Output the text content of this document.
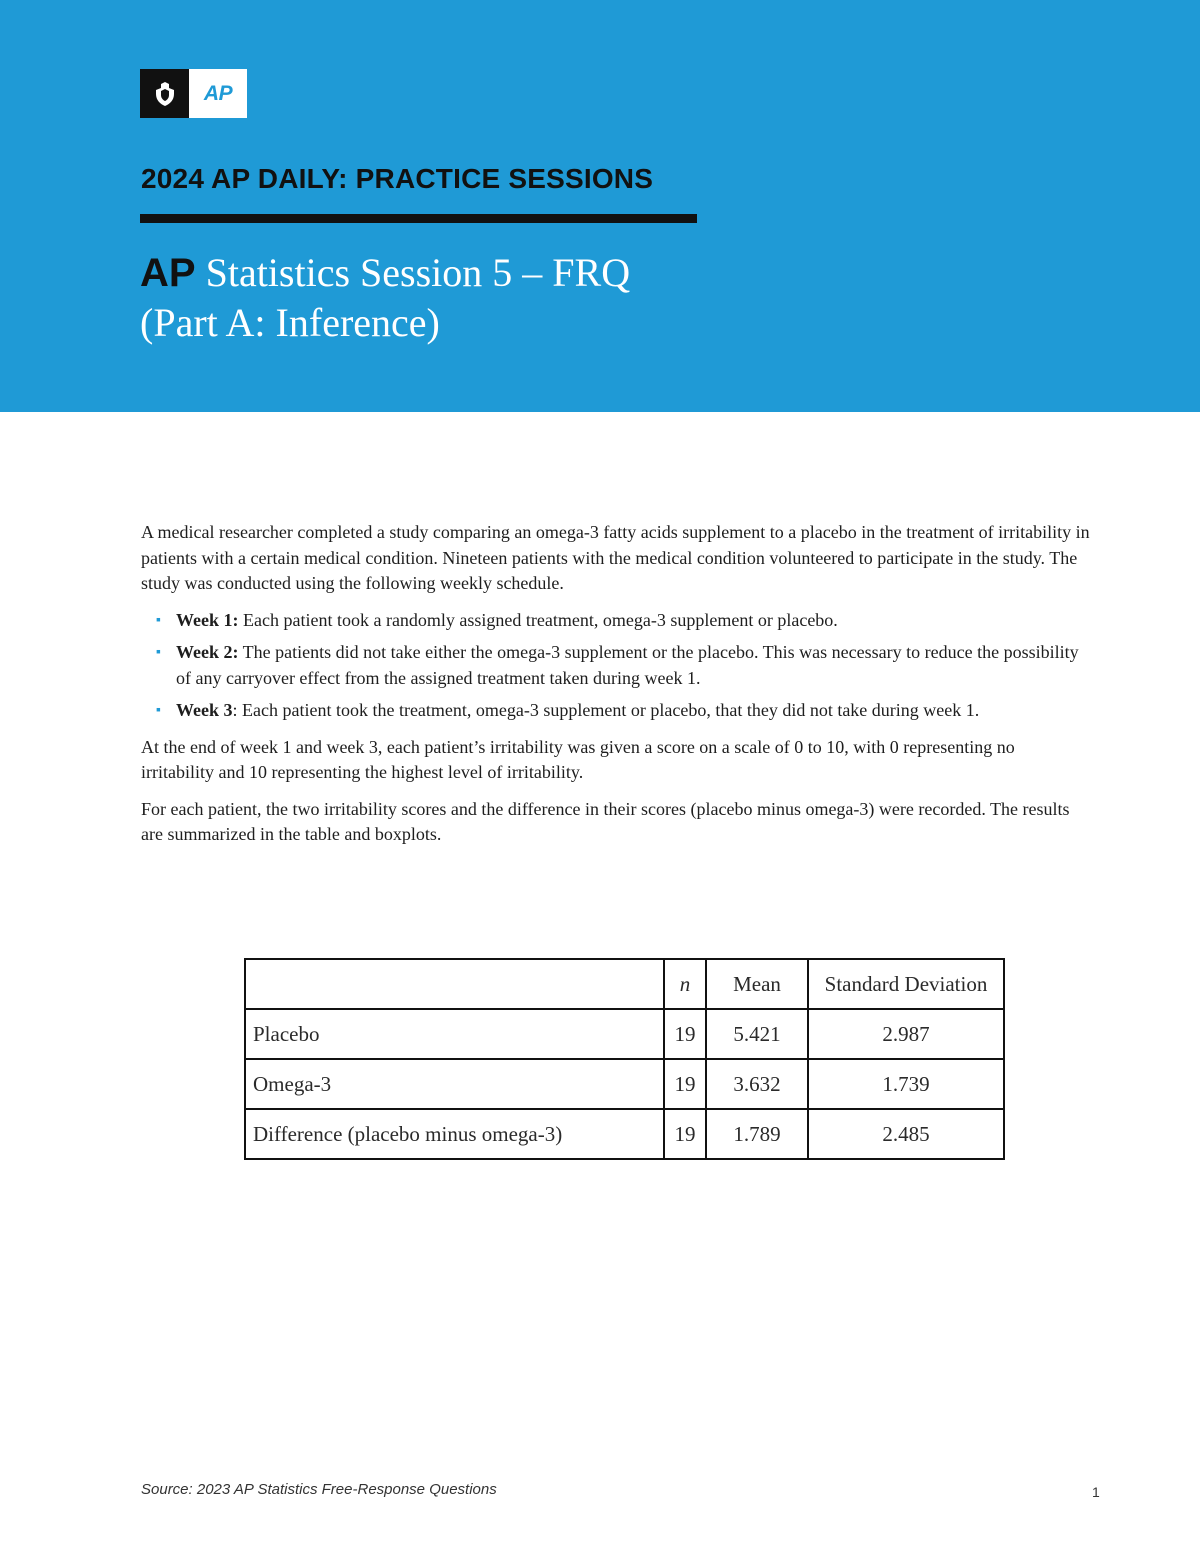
AP
2024 AP DAILY: PRACTICE SESSIONS
AP Statistics Session 5 – FRQ
(Part A: Inference)

A medical researcher completed a study comparing an omega-3 fatty acids supplement to a placebo in the treatment of irritability in patients with a certain medical condition. Nineteen patients with the medical condition volunteered to participate in the study. The study was conducted using the following weekly schedule.

▪ Week 1: Each patient took a randomly assigned treatment, omega-3 supplement or placebo.
▪ Week 2: The patients did not take either the omega-3 supplement or the placebo. This was necessary to reduce the possibility of any carryover effect from the assigned treatment taken during week 1.
▪ Week 3: Each patient took the treatment, omega-3 supplement or placebo, that they did not take during week 1.

At the end of week 1 and week 3, each patient’s irritability was given a score on a scale of 0 to 10, with 0 representing no irritability and 10 representing the highest level of irritability.

For each patient, the two irritability scores and the difference in their scores (placebo minus omega-3) were recorded. The results are summarized in the table and boxplots.

	n	Mean	Standard Deviation
Placebo	19	5.421	2.987
Omega-3	19	3.632	1.739
Difference (placebo minus omega-3)	19	1.789	2.485
Source: 2023 AP Statistics Free-Response Questions	1
